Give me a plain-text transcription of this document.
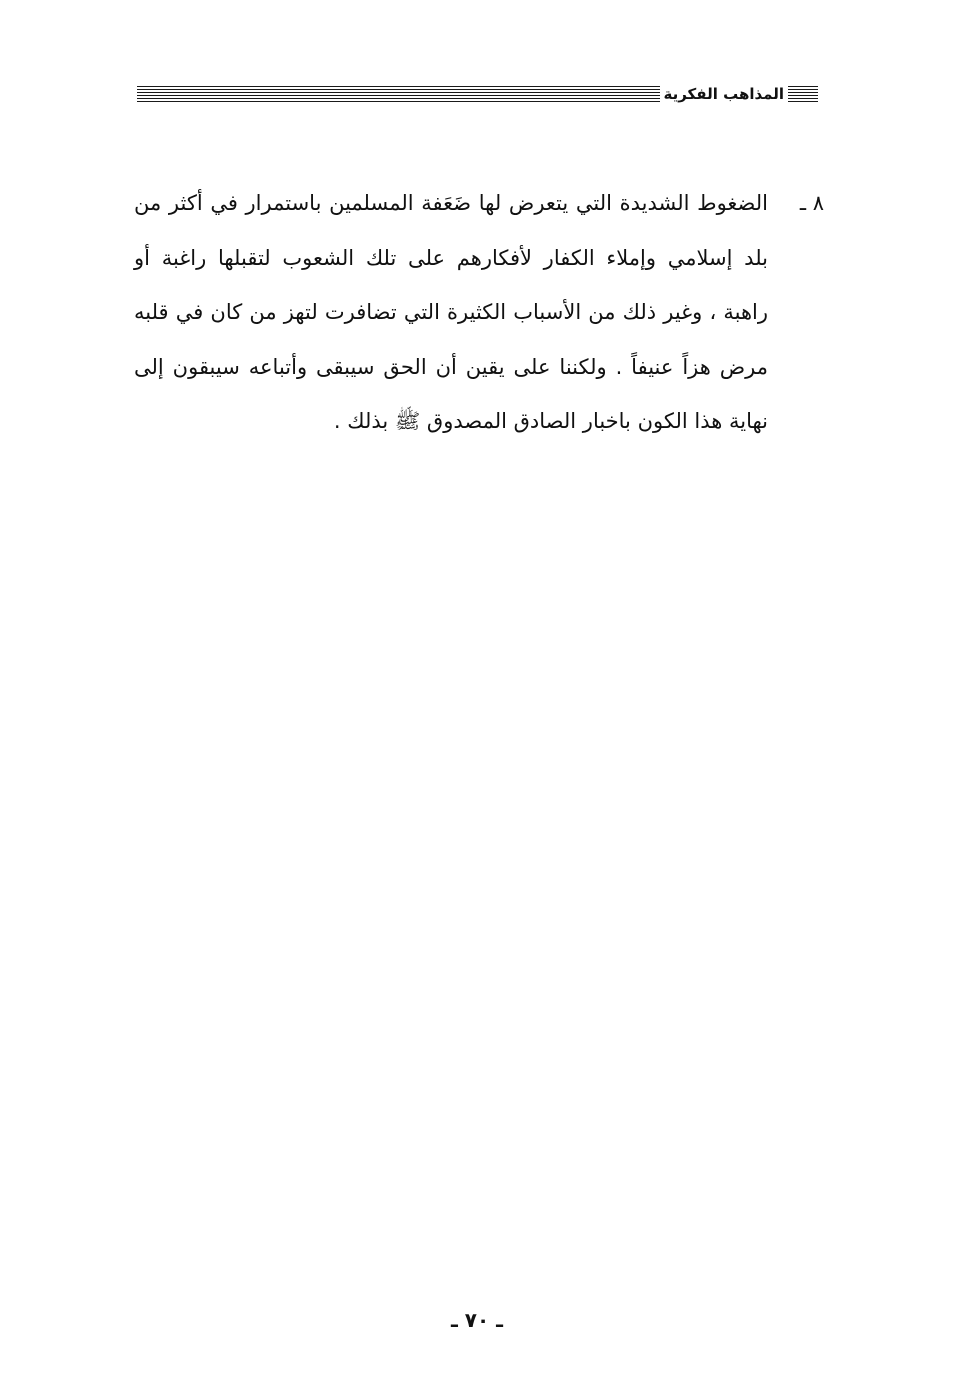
المذاهب الفكرية
٨ ـ

الضغوط الشديدة التي يتعرض لها ضَعَفة المسلمين باستمرار في أكثر من بلد إسلامي وإملاء الكفار لأفكارهم على تلك الشعوب لتقبلها راغبة أو راهبة ، وغير ذلك من الأسباب الكثيرة التي تضافرت لتهز من كان في قلبه مرض هزاً عنيفاً . ولكننا على يقين أن الحق سيبقى وأتباعه سيبقون إلى نهاية هذا الكون باخبار الصادق المصدوق ﷺ بذلك .

ـ ٧٠ ـ
